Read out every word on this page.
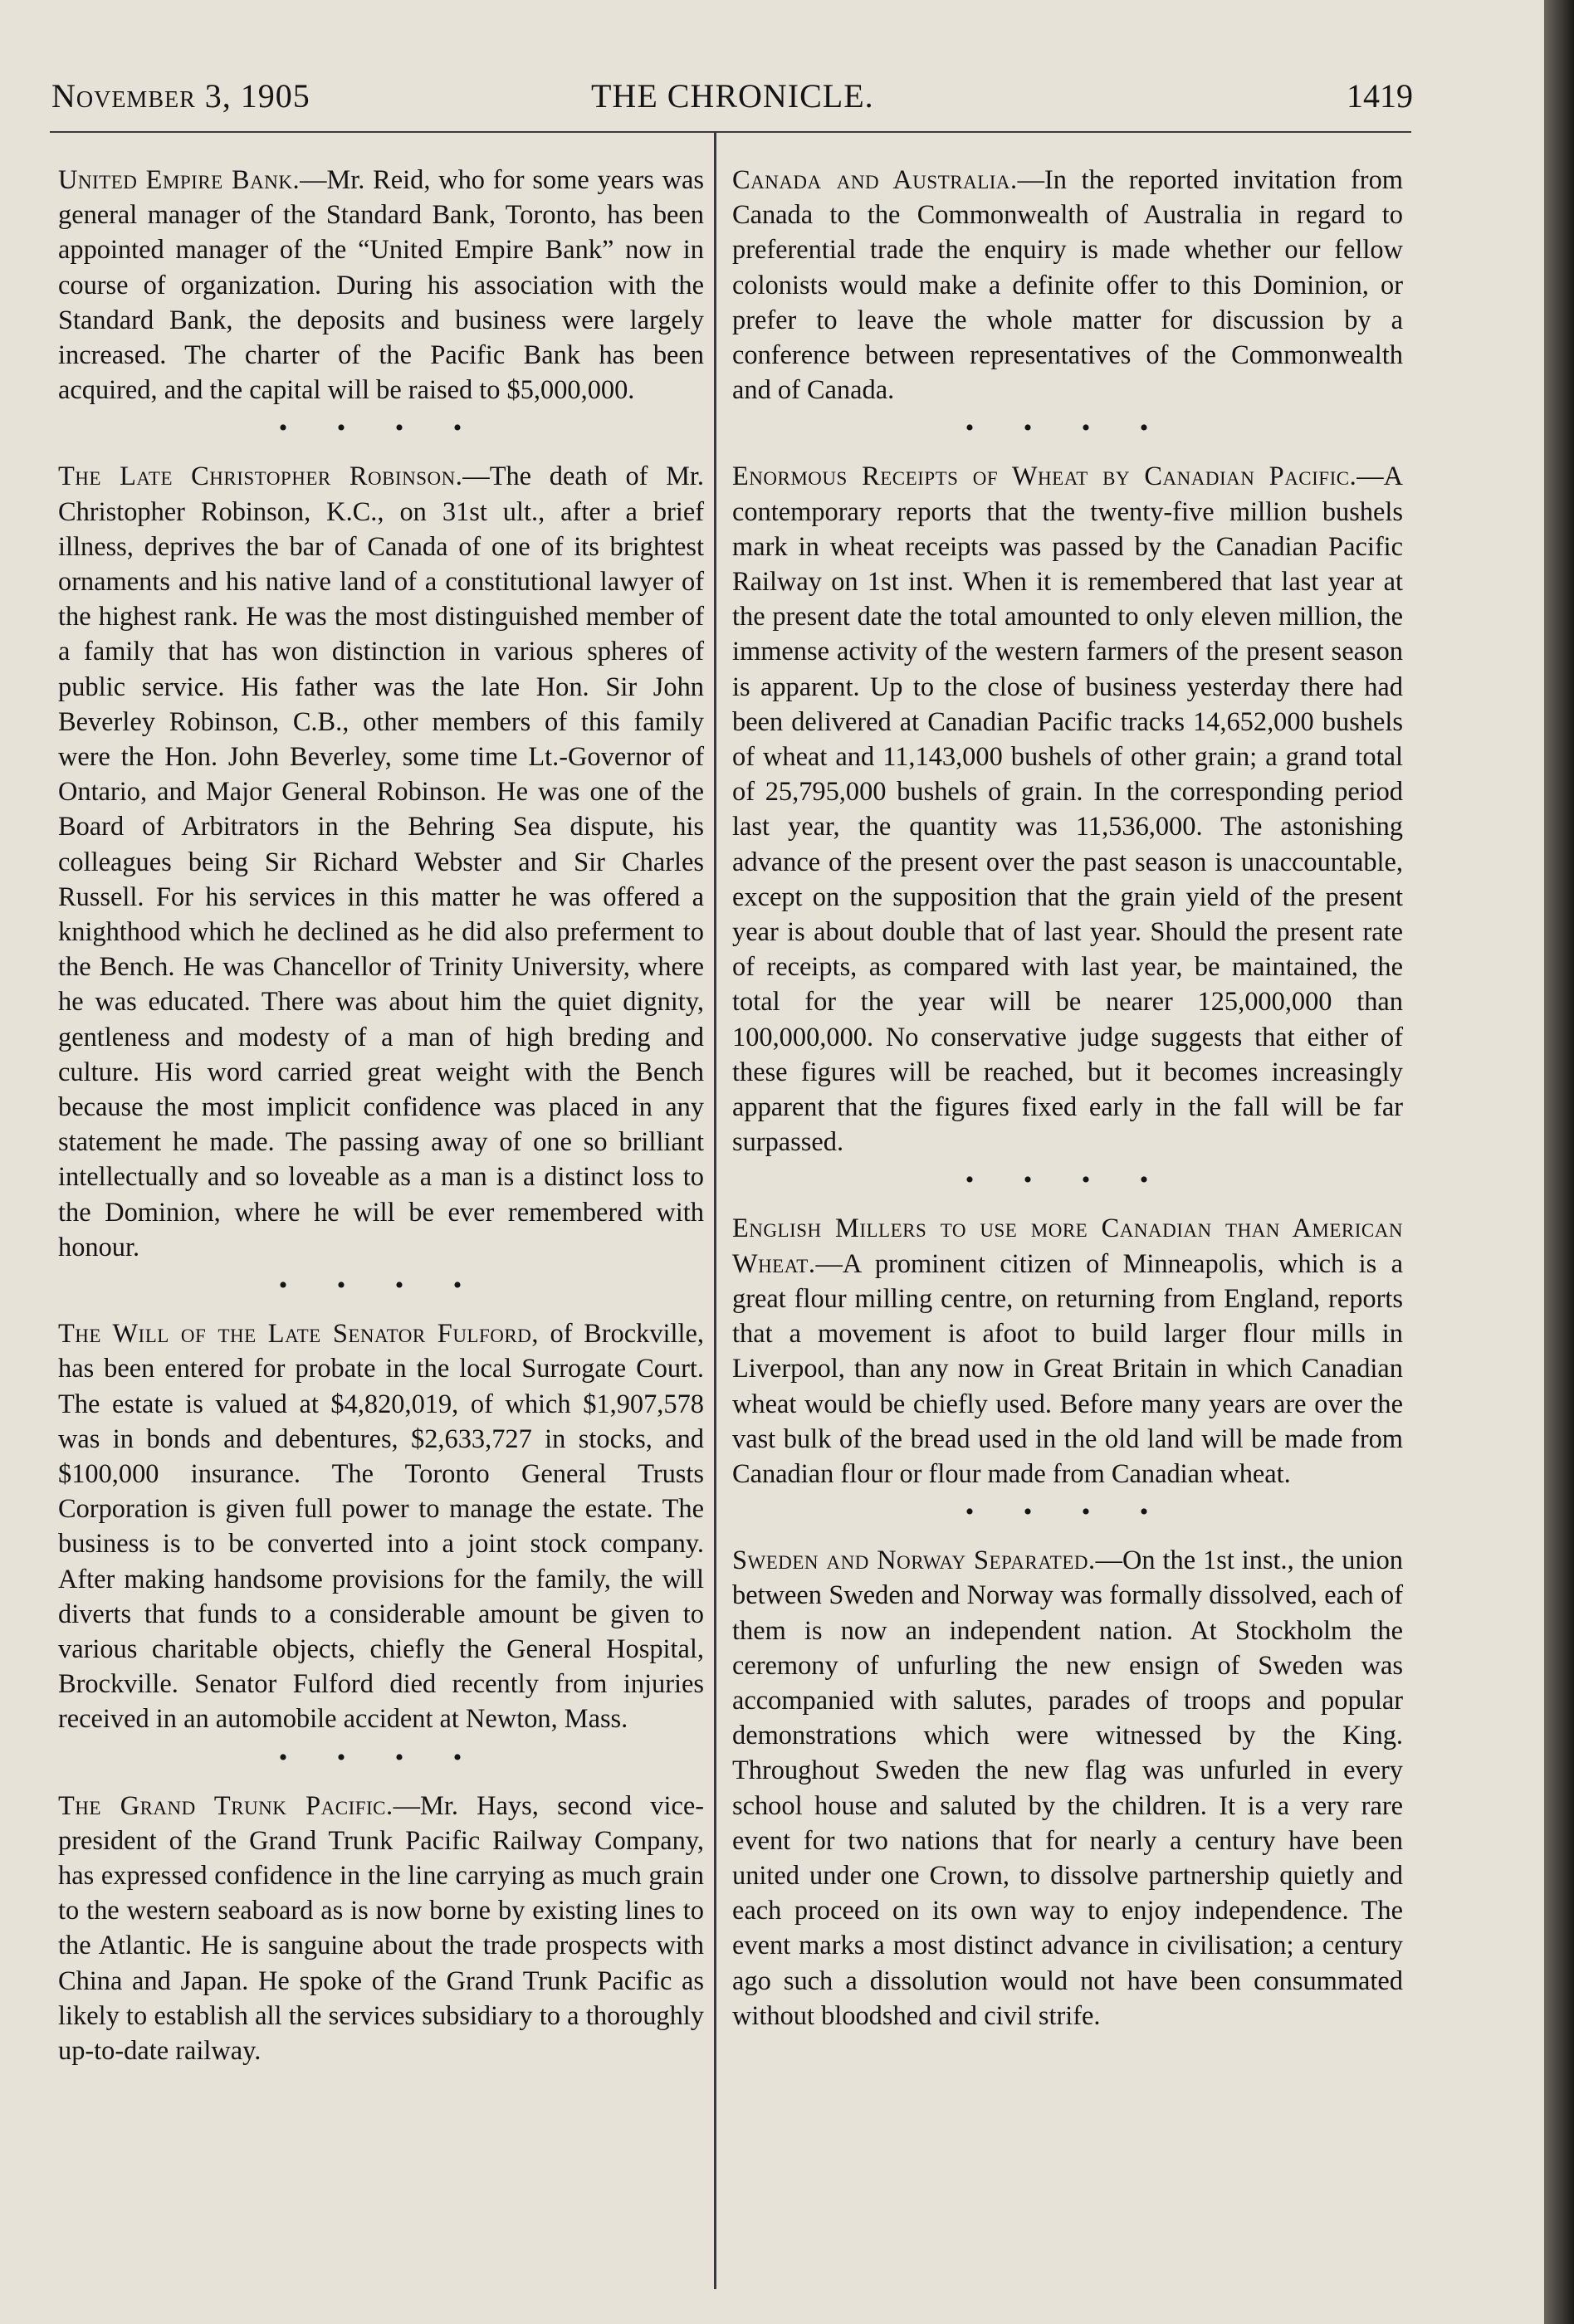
November 3, 1905	THE CHRONICLE.	1419

United Empire Bank.—Mr. Reid, who for some years was general manager of the Standard Bank, Toronto, has been appointed manager of the “United Empire Bank” now in course of organization. During his association with the Standard Bank, the deposits and business were largely increased. The charter of the Pacific Bank has been acquired, and the capital will be raised to $5,000,000.

• • • •

The Late Christopher Robinson.—The death of Mr. Christopher Robinson, K.C., on 31st ult., after a brief illness, deprives the bar of Canada of one of its brightest ornaments and his native land of a constitutional lawyer of the highest rank. He was the most distinguished member of a family that has won distinction in various spheres of public service. His father was the late Hon. Sir John Beverley Robinson, C.B., other members of this family were the Hon. John Beverley, some time Lt.-Governor of Ontario, and Major General Robinson. He was one of the Board of Arbitrators in the Behring Sea dispute, his colleagues being Sir Richard Webster and Sir Charles Russell. For his services in this matter he was offered a knighthood which he declined as he did also preferment to the Bench. He was Chancellor of Trinity University, where he was educated. There was about him the quiet dignity, gentleness and modesty of a man of high breding and culture. His word carried great weight with the Bench because the most implicit confidence was placed in any statement he made. The passing away of one so brilliant intellectually and so loveable as a man is a distinct loss to the Dominion, where he will be ever remembered with honour.

• • • •

The Will of the Late Senator Fulford, of Brockville, has been entered for probate in the local Surrogate Court. The estate is valued at $4,820,019, of which $1,907,578 was in bonds and debentures, $2,633,727 in stocks, and $100,000 insurance. The Toronto General Trusts Corporation is given full power to manage the estate. The business is to be converted into a joint stock company. After making handsome provisions for the family, the will diverts that funds to a considerable amount be given to various charitable objects, chiefly the General Hospital, Brockville. Senator Fulford died recently from injuries received in an automobile accident at Newton, Mass.

• • • •

The Grand Trunk Pacific.—Mr. Hays, second vice-president of the Grand Trunk Pacific Railway Company, has expressed confidence in the line carrying as much grain to the western seaboard as is now borne by existing lines to the Atlantic. He is sanguine about the trade prospects with China and Japan. He spoke of the Grand Trunk Pacific as likely to establish all the services subsidiary to a thoroughly up-to-date railway.

Canada and Australia.—In the reported invitation from Canada to the Commonwealth of Australia in regard to preferential trade the enquiry is made whether our fellow colonists would make a definite offer to this Dominion, or prefer to leave the whole matter for discussion by a conference between representatives of the Commonwealth and of Canada.

• • • •

Enormous Receipts of Wheat by Canadian Pacific.—A contemporary reports that the twenty-five million bushels mark in wheat receipts was passed by the Canadian Pacific Railway on 1st inst. When it is remembered that last year at the present date the total amounted to only eleven million, the immense activity of the western farmers of the present season is apparent. Up to the close of business yesterday there had been delivered at Canadian Pacific tracks 14,652,000 bushels of wheat and 11,143,000 bushels of other grain; a grand total of 25,795,000 bushels of grain. In the corresponding period last year, the quantity was 11,536,000. The astonishing advance of the present over the past season is unaccountable, except on the supposition that the grain yield of the present year is about double that of last year. Should the present rate of receipts, as compared with last year, be maintained, the total for the year will be nearer 125,000,000 than 100,000,000. No conservative judge suggests that either of these figures will be reached, but it becomes increasingly apparent that the figures fixed early in the fall will be far surpassed.

• • • •

English Millers to use more Canadian than American Wheat.—A prominent citizen of Minneapolis, which is a great flour milling centre, on returning from England, reports that a movement is afoot to build larger flour mills in Liverpool, than any now in Great Britain in which Canadian wheat would be chiefly used. Before many years are over the vast bulk of the bread used in the old land will be made from Canadian flour or flour made from Canadian wheat.

• • • •

Sweden and Norway Separated.—On the 1st inst., the union between Sweden and Norway was formally dissolved, each of them is now an independent nation. At Stockholm the ceremony of unfurling the new ensign of Sweden was accompanied with salutes, parades of troops and popular demonstrations which were witnessed by the King. Throughout Sweden the new flag was unfurled in every school house and saluted by the children. It is a very rare event for two nations that for nearly a century have been united under one Crown, to dissolve partnership quietly and each proceed on its own way to enjoy independence. The event marks a most distinct advance in civilisation; a century ago such a dissolution would not have been consummated without bloodshed and civil strife.
